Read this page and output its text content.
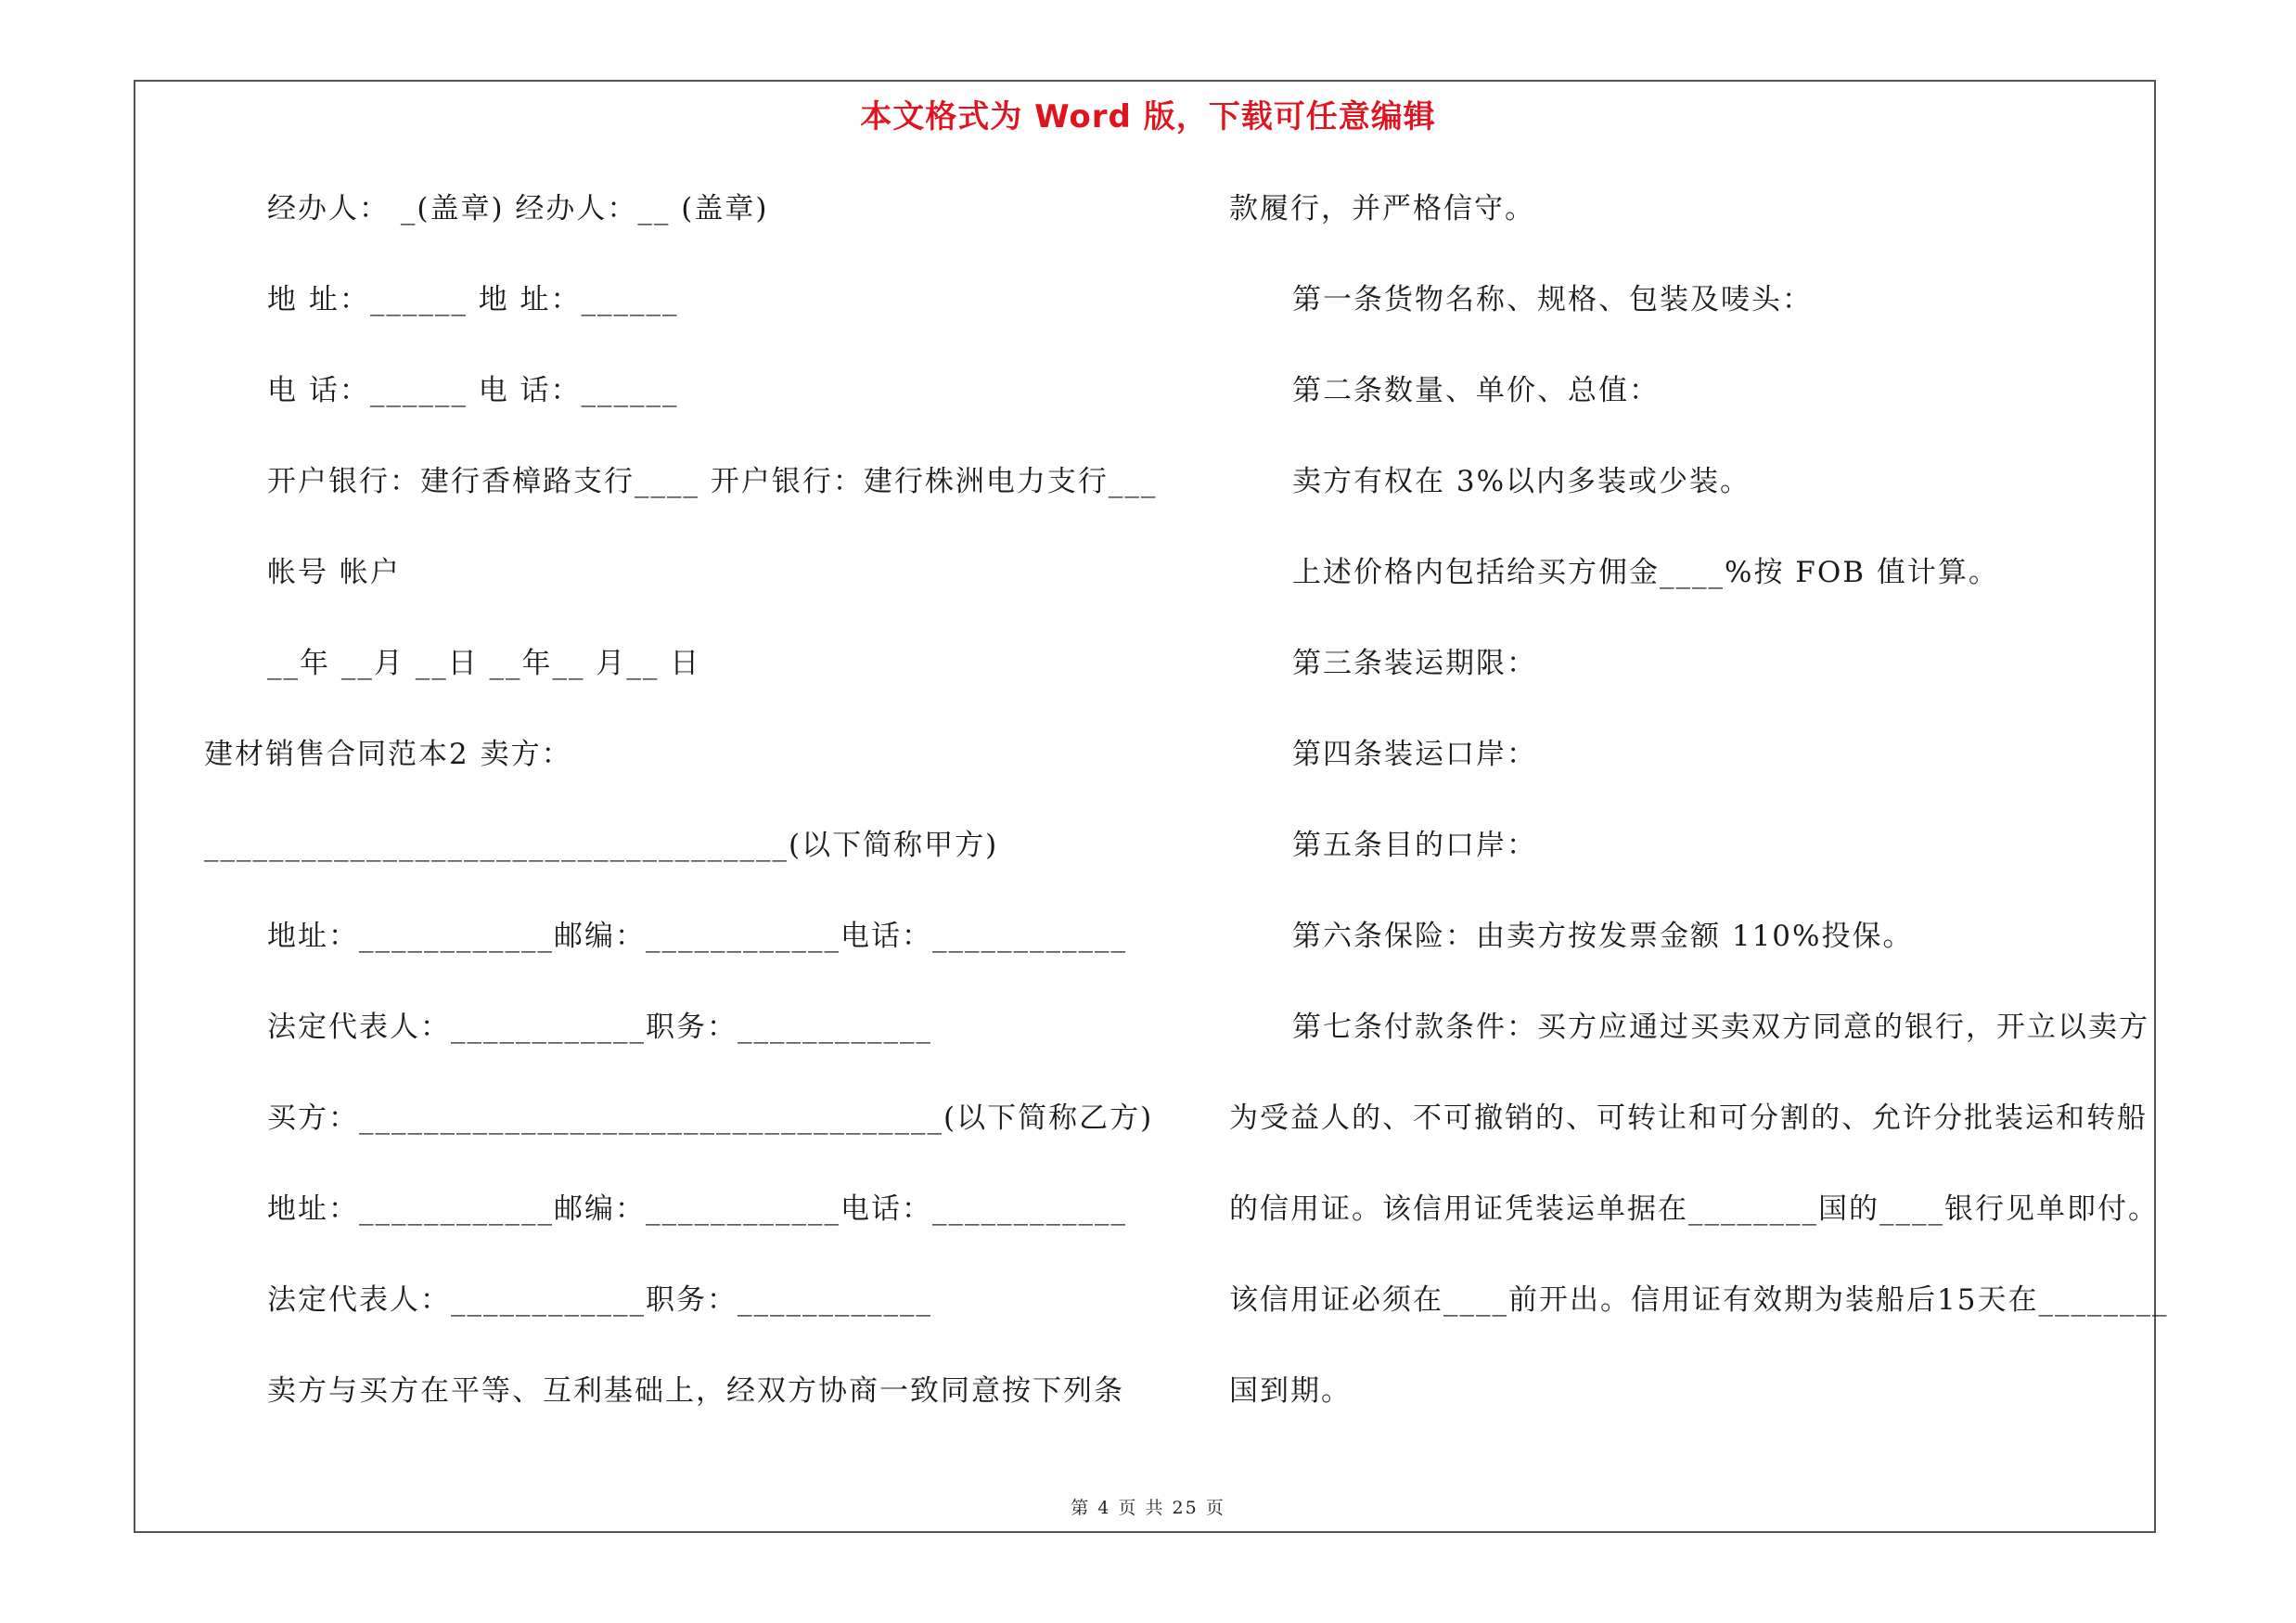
本文格式为 Word 版，下载可任意编辑
经办人： _(盖章) 经办人：__ (盖章)
地 址：______ 地 址：______
电 话：______ 电 话：______
开户银行：建行香樟路支行____ 开户银行：建行株洲电力支行___
帐号 帐户
__年 __月 __日 __年__ 月__ 日
建材销售合同范本2 卖方：
____________________________________(以下简称甲方)
地址：____________邮编：____________电话：____________
法定代表人：____________职务：____________
买方：____________________________________(以下简称乙方)
地址：____________邮编：____________电话：____________
法定代表人：____________职务：____________
卖方与买方在平等、互利基础上，经双方协商一致同意按下列条
款履行，并严格信守。
第一条货物名称、规格、包装及唛头：
第二条数量、单价、总值：
卖方有权在 3%以内多装或少装。
上述价格内包括给买方佣金____%按 FOB 值计算。
第三条装运期限：
第四条装运口岸：
第五条目的口岸：
第六条保险：由卖方按发票金额 110%投保。
第七条付款条件：买方应通过买卖双方同意的银行，开立以卖方
为受益人的、不可撤销的、可转让和可分割的、允许分批装运和转船
的信用证。该信用证凭装运单据在________国的____银行见单即付。
该信用证必须在____前开出。信用证有效期为装船后15天在________
国到期。
第 4 页 共 25 页
